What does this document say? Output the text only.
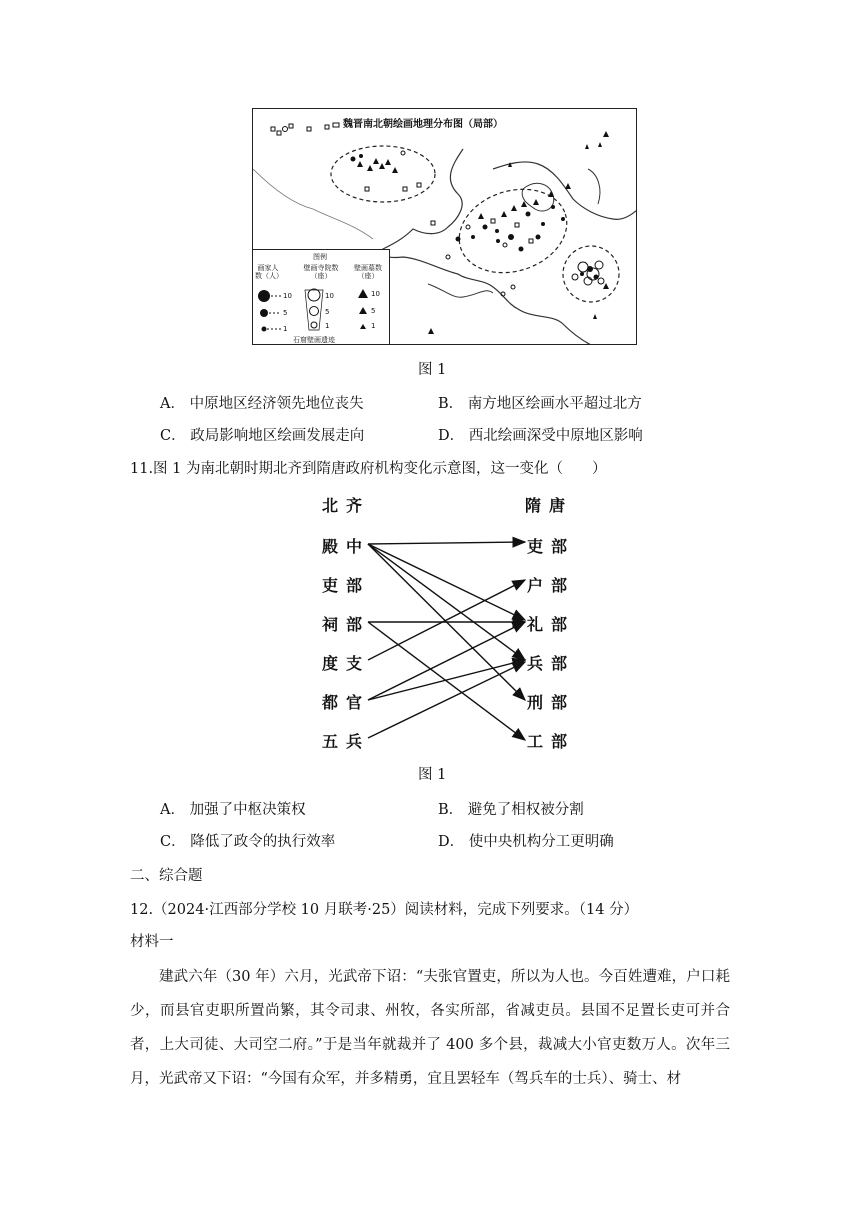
魏晋南北朝绘画地理分布图（局部）
图例
画家人数（人）
壁画寺院数（座）
壁画墓数（座）
10
5
1
10
5
1
10
5
1
石窟壁画遗迹
图 1
A． 中原地区经济领先地位丧失	B． 南方地区绘画水平超过北方
C． 政局影响地区绘画发展走向	D． 西北绘画深受中原地区影响
11.图 1 为南北朝时期北齐到隋唐政府机构变化示意图，这一变化（　　）
北齐	隋唐
殿中
吏部
祠部
度支
都官
五兵
吏部
户部
礼部
兵部
刑部
工部
图 1
A． 加强了中枢决策权	B． 避免了相权被分割
C． 降低了政令的执行效率	D． 使中央机构分工更明确
二、综合题
12.（2024·江西部分学校 10 月联考·25）阅读材料，完成下列要求。（14 分）
材料一
建武六年（30 年）六月，光武帝下诏：“夫张官置吏，所以为人也。今百姓遭难，户口耗少，而县官吏职所置尚繁，其令司隶、州牧，各实所部，省减吏员。县国不足置长吏可并合者，上大司徒、大司空二府。”于是当年就裁并了 400 多个县，裁减大小官吏数万人。次年三月，光武帝又下诏：“今国有众军，并多精勇，宜且罢轻车（驾兵车的士兵）、骑士、材
